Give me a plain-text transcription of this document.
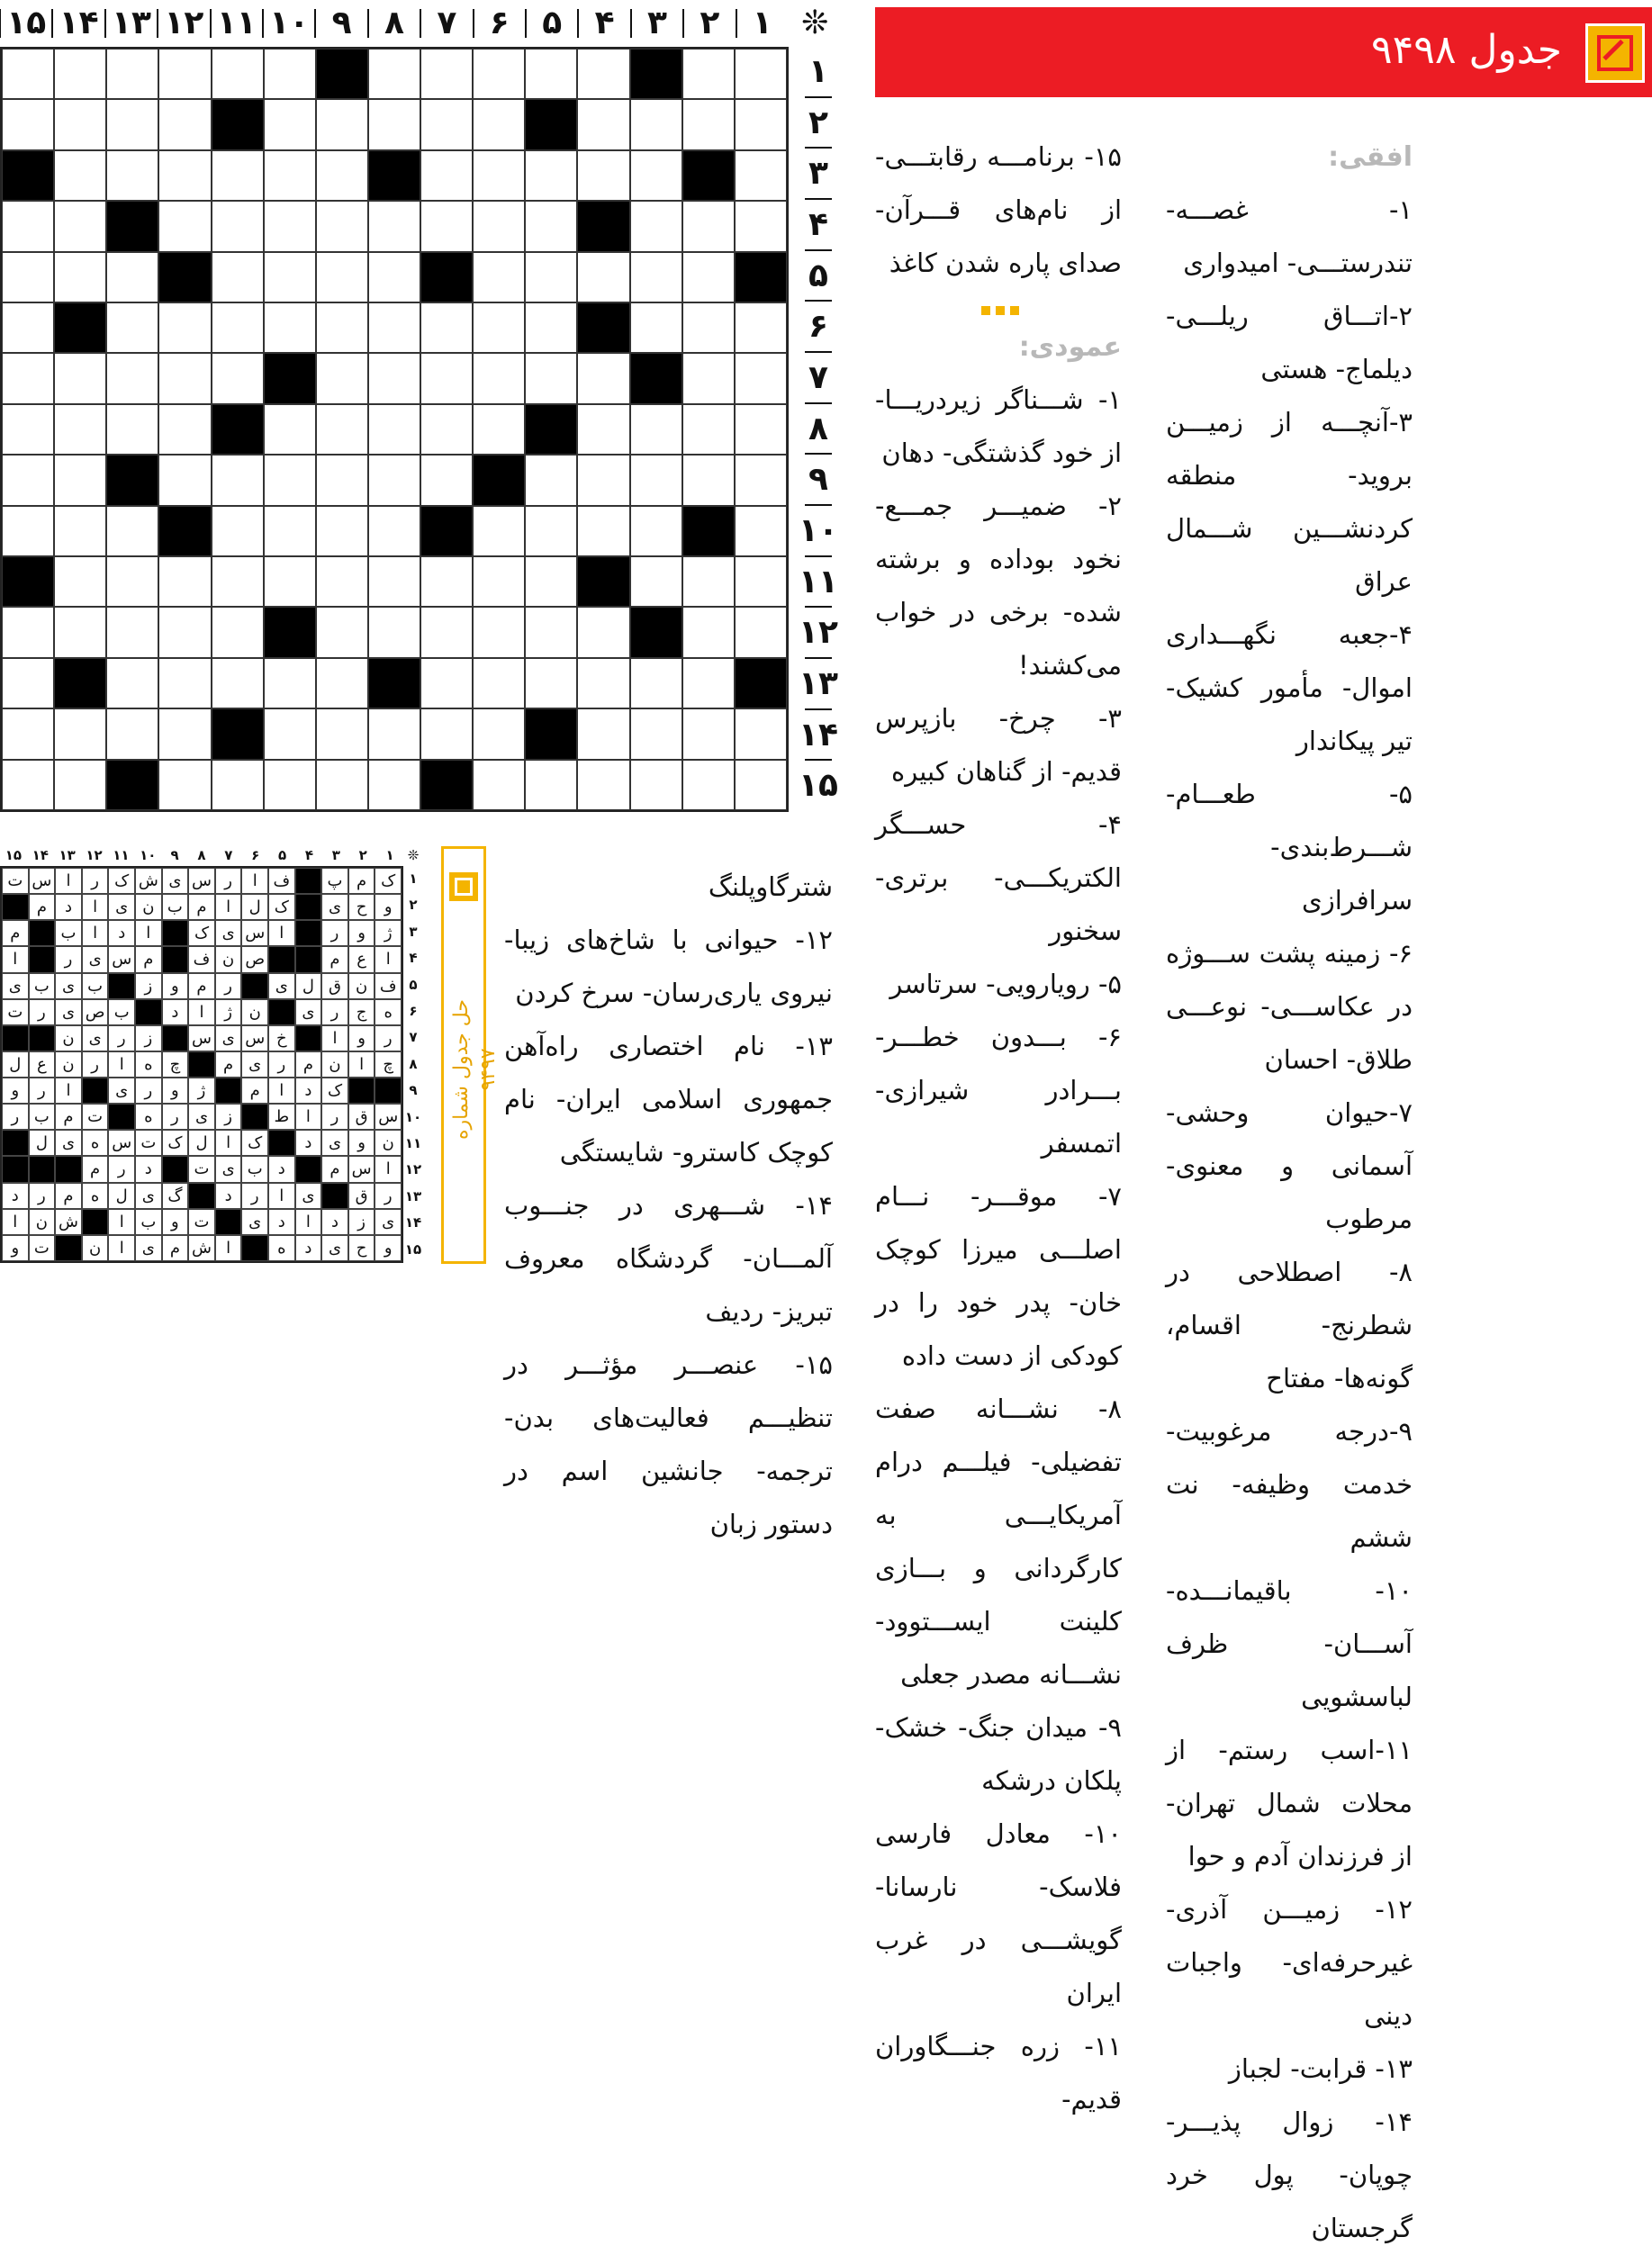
❊
۱
۲
۳
۴
۵
۶
۷
۸
۹
۱۰
۱۱
۱۲
۱۳
۱۴
۱۵
۱
۲
۳
۴
۵
۶
۷
۸
۹
۱۰
۱۱
۱۲
۱۳
۱۴
۱۵
جدول ۹۴۹۸

افقی:

۱- غصـــه- تندرستـــی- امیدواری

۲-اتـــاق ریلـــی- دیلماج- هستی

۳-آنچـــه از زمیـــن بروید- منطقه کردنشـــین شـــمال عراق

۴-جعبه نگهـــداری اموال- مأمور کشیک- تیر پیکاندار

۵- طعـــام- شـــرط‌بندی- سرافرازی

۶- زمینه پشت ســـوژه در عکاســـی- نوعـــی طلاق- احسان

۷-حیوان وحشی- آسمانی و معنوی- مرطوب

۸- اصطلاحی در شطرنج- اقسام، گونه‌ها- مفتاح

۹-درجه مرغوبیت- خدمت وظیفه- نت ششم

۱۰- باقیمانـــده- آســـان- ظرف لباسشویی

۱۱-اسب رستم- از محلات شمال تهران- از فرزندان آدم و حوا

۱۲- زمیـــن آذری- غیرحرفه‌ای- واجبات دینی

۱۳- قرابت- لجباز

۱۴- زوال پذیـــر- چوپان- پول خرد گرجستان

۱۵- برنامـــه رقابتـــی- از نام‌های قـــرآن- صدای پاره شدن کاغذ

عمودی:

۱- شـــناگر زیردریـــا- از خود گذشتگی- دهان

۲- ضمیـــر جمـــع- نخود بوداده و برشته شده- برخی در خواب می‌کشند!

۳- چرخ- بازپرس قدیم- از گناهان کبیره

۴- حســـگر الکتریکـــی- برتری- سخنور

۵- رویارویی- سرتاسر

۶- بـــدون خطـــر- بـــرادر شیرازی- اتمسفر

۷- موقـــر- نـــام اصلـــی میرزا کوچک خان- پدر خود را در کودکی از دست داده

۸- نشـــانه صفت تفضیلی- فیلـــم درام آمریکایـــی به کارگردانی و بـــازی کلینت ایســـتوود- نشـــانه مصدر جعلی

۹- میدان جنگ- خشک- پلکان درشکه

۱۰- معادل فارسی فلاسک- نارسانا- گویشـــی در غرب ایران

۱۱- زره جنـــگاوران قدیم-

شترگاوپلنگ

۱۲- حیوانی با شاخ‌های زیبا- نیروی یاری‌رسان- سرخ کردن

۱۳- نام اختصاری راه‌آهن جمهوری اسلامی ایران- نام کوچک کاسترو- شایستگی

۱۴- شـــهری در جنـــوب آلمـــان- گردشگاه معروف تبریز- ردیف

۱۵- عنصـــر مؤثـــر در تنظیـــم فعالیت‌های بدن- ترجمه- جانشین اسم در دستور زبان

حل جدول شماره ۹۴۹۷
❊
۱
۲
۳
۴
۵
۶
۷
۸
۹
۱۰
۱۱
۱۲
۱۳
۱۴
۱۵
ک
م
پ
ف
ا
ر
س
ی
ش
ک
ر
ا
س
ت
و
ح
ی
ک
ل
ا
م
ب
ن
ی
ا
د
م
ژ
و
ر
ا
س
ی
ک
ا
د
ا
ب
م
ا
ع
م
ص
ن
ف
م
س
ی
ر
ا
ف
ن
ق
ل
ی
ر
م
و
ز
ب
ی
ب
ی
ه
ج
ر
ی
ن
ژ
ا
د
ب
ص
ی
ر
ت
ر
و
ا
خ
س
ی
س
ز
ر
ی
ن
چ
ا
ن
م
ر
ی
م
چ
ه
ا
ر
ن
ع
ل
ک
د
ا
م
ژ
و
ر
ی
ا
ر
و
س
ق
ر
ا
ط
ز
ی
ر
ه
ت
م
ب
ر
ن
و
ی
د
ک
ا
ل
ک
ت
س
ه
ی
ل
ا
س
م
د
ب
ی
ت
د
ر
م
ر
ق
ی
ا
ر
د
گ
ی
ل
ه
م
ر
د
ی
ز
د
ا
د
ی
ت
و
ب
ا
ش
ن
ا
و
ح
ی
د
ه
ا
ش
م
ی
ا
ن
ت
و
۱
۲
۳
۴
۵
۶
۷
۸
۹
۱۰
۱۱
۱۲
۱۳
۱۴
۱۵
